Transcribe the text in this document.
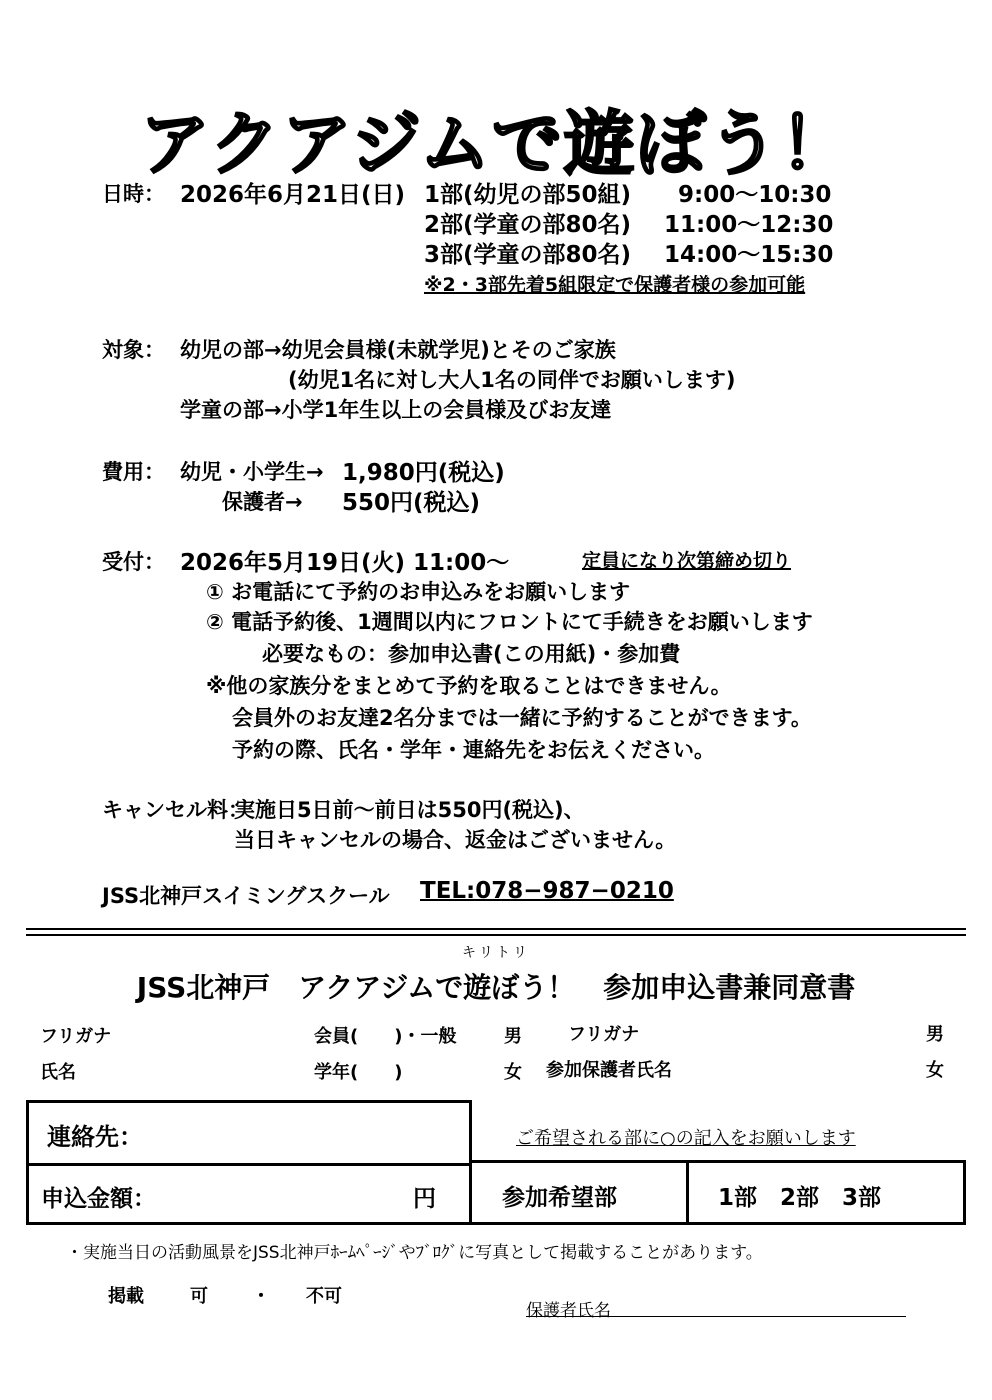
アクアジムで遊ぼう！
日時： 2026年6月21日(日) 1部(幼児の部50組) 9:00〜10:30
2部(学童の部80名) 11:00〜12:30
3部(学童の部80名) 14:00〜15:30
※2・3部先着5組限定で保護者様の参加可能
対象： 幼児の部→幼児会員様(未就学児)とそのご家族
(幼児1名に対し大人1名の同伴でお願いします)
学童の部→小学1年生以上の会員様及びお友達
費用： 幼児・小学生→ 1,980円(税込)
保護者→ 550円(税込)
受付： 2026年5月19日(火) 11:00〜	定員になり次第締め切り
① お電話にて予約のお申込みをお願いします
② 電話予約後、1週間以内にフロントにて手続きをお願いします
必要なもの：参加申込書(この用紙)・参加費
※他の家族分をまとめて予約を取ることはできません。
会員外のお友達2名分までは一緒に予約することができます。
予約の際、氏名・学年・連絡先をお伝えください。
キャンセル料：
実施日5日前〜前日は550円(税込)、
当日キャンセルの場合、返金はございません。
JSS北神戸スイミングスクール TEL:078−987−0210
キリトリ
JSS北神戸　アクアジムで遊ぼう！　参加申込書兼同意書
フリガナ	会員(　　)・一般	男	フリガナ	男
氏名	学年(　　)	女 参加保護者氏名	女
連絡先：	ご希望される部に○の記入をお願いします
申込金額：	円	参加希望部	1部　2部　3部
・実施当日の活動風景をJSS北神戸ﾎｰﾑﾍﾟｰｼﾞやﾌﾞﾛｸﾞに写真として掲載することがあります。
掲載	可 ・ 不可
保護者氏名
